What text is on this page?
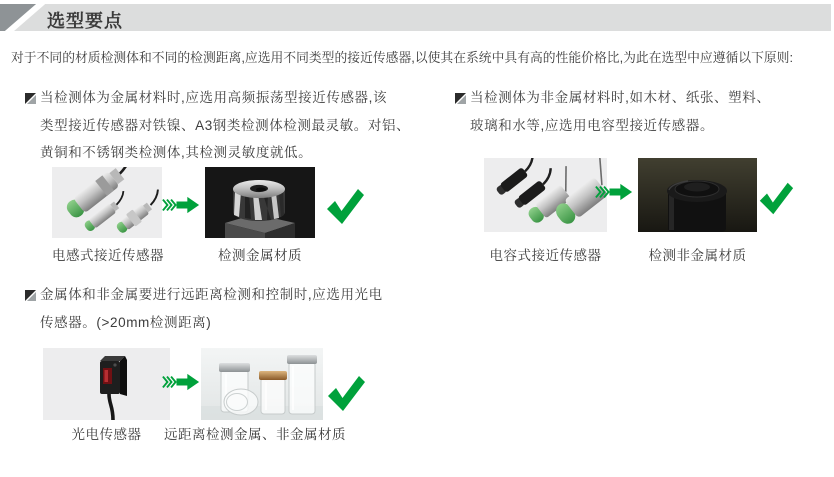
选型要点
对于不同的材质检测体和不同的检测距离,应选用不同类型的接近传感器,以使其在系统中具有高的性能价格比,为此在选型中应遵循以下原则:
当检测体为金属材料时,应选用高频振荡型接近传感器,该
类型接近传感器对铁镍、A3钢类检测体检测最灵敏。对铝、
黄铜和不锈钢类检测体,其检测灵敏度就低。
电感式接近传感器	检测金属材质
当检测体为非金属材料时,如木材、纸张、塑料、
玻璃和水等,应选用电容型接近传感器。
电容式接近传感器	检测非金属材质
金属体和非金属要进行远距离检测和控制时,应选用光电
传感器。(>20mm检测距离)
光电传感器	远距离检测金属、非金属材质
